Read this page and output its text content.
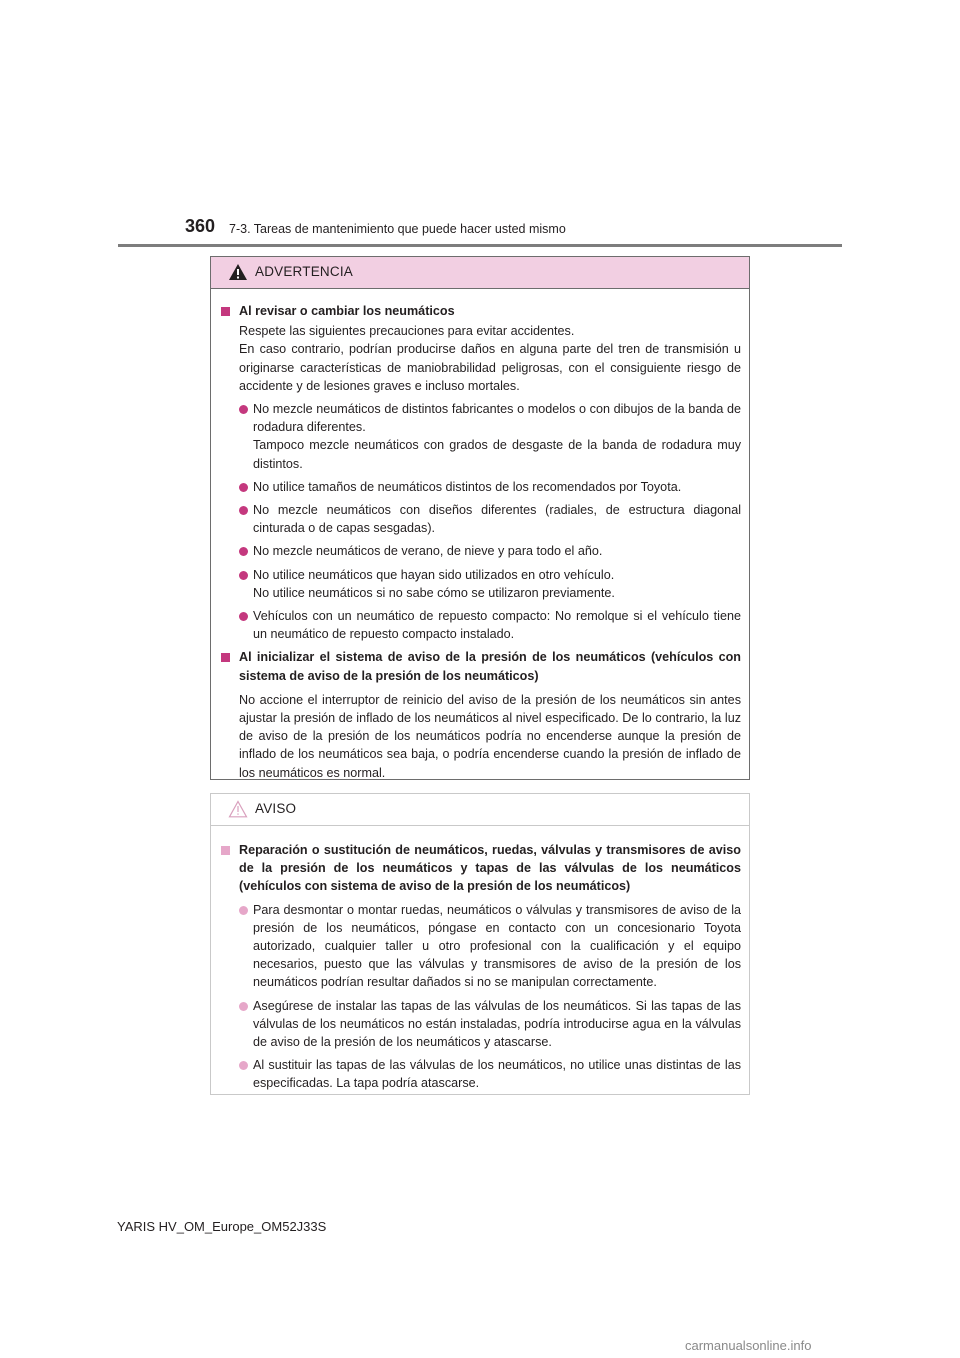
360 7-3. Tareas de mantenimiento que puede hacer usted mismo
ADVERTENCIA
Al revisar o cambiar los neumáticos
Respete las siguientes precauciones para evitar accidentes.
En caso contrario, podrían producirse daños en alguna parte del tren de transmisión u originarse características de maniobrabilidad peligrosas, con el consiguiente riesgo de accidente y de lesiones graves e incluso mortales.
No mezcle neumáticos de distintos fabricantes o modelos o con dibujos de la banda de rodadura diferentes.
Tampoco mezcle neumáticos con grados de desgaste de la banda de rodadura muy distintos.
No utilice tamaños de neumáticos distintos de los recomendados por Toyota.
No mezcle neumáticos con diseños diferentes (radiales, de estructura diagonal cinturada o de capas sesgadas).
No mezcle neumáticos de verano, de nieve y para todo el año.
No utilice neumáticos que hayan sido utilizados en otro vehículo.
No utilice neumáticos si no sabe cómo se utilizaron previamente.
Vehículos con un neumático de repuesto compacto: No remolque si el vehículo tiene un neumático de repuesto compacto instalado.
Al inicializar el sistema de aviso de la presión de los neumáticos (vehículos con sistema de aviso de la presión de los neumáticos)
No accione el interruptor de reinicio del aviso de la presión de los neumáticos sin antes ajustar la presión de inflado de los neumáticos al nivel especificado. De lo contrario, la luz de aviso de la presión de los neumáticos podría no encenderse aunque la presión de inflado de los neumáticos sea baja, o podría encenderse cuando la presión de inflado de los neumáticos es normal.
AVISO
Reparación o sustitución de neumáticos, ruedas, válvulas y transmisores de aviso de la presión de los neumáticos y tapas de las válvulas de los neumáticos (vehículos con sistema de aviso de la presión de los neumáticos)
Para desmontar o montar ruedas, neumáticos o válvulas y transmisores de aviso de la presión de los neumáticos, póngase en contacto con un concesionario Toyota autorizado, cualquier taller u otro profesional con la cualificación y el equipo necesarios, puesto que las válvulas y transmisores de aviso de la presión de los neumáticos podrían resultar dañados si no se manipulan correctamente.
Asegúrese de instalar las tapas de las válvulas de los neumáticos. Si las tapas de las válvulas de los neumáticos no están instaladas, podría introducirse agua en la válvulas de aviso de la presión de los neumáticos y atascarse.
Al sustituir las tapas de las válvulas de los neumáticos, no utilice unas distintas de las especificadas. La tapa podría atascarse.
YARIS HV_OM_Europe_OM52J33S
carmanualsonline.info
